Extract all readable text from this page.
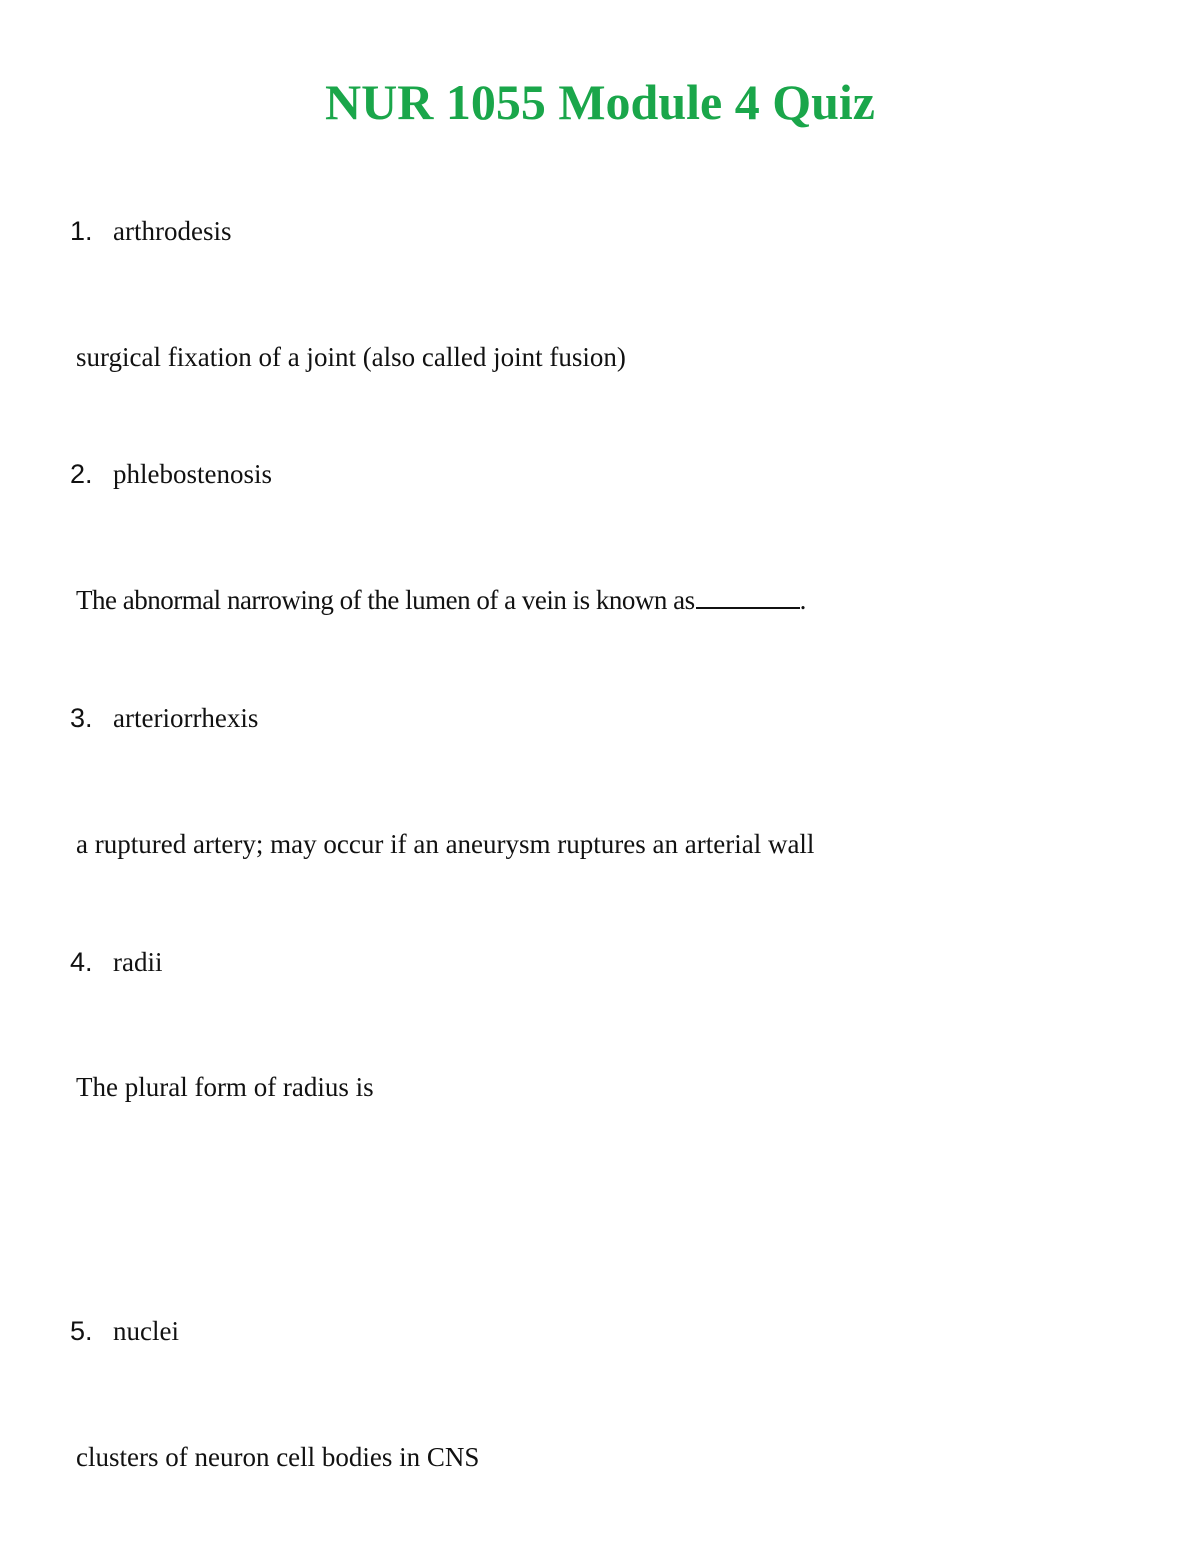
NUR 1055 Module 4 Quiz
1. arthrodesis
surgical fixation of a joint (also called joint fusion)
2. phlebostenosis
The abnormal narrowing of the lumen of a vein is known as	.
3. arteriorrhexis
a ruptured artery; may occur if an aneurysm ruptures an arterial wall
4. radii
The plural form of radius is
5. nuclei
clusters of neuron cell bodies in CNS
